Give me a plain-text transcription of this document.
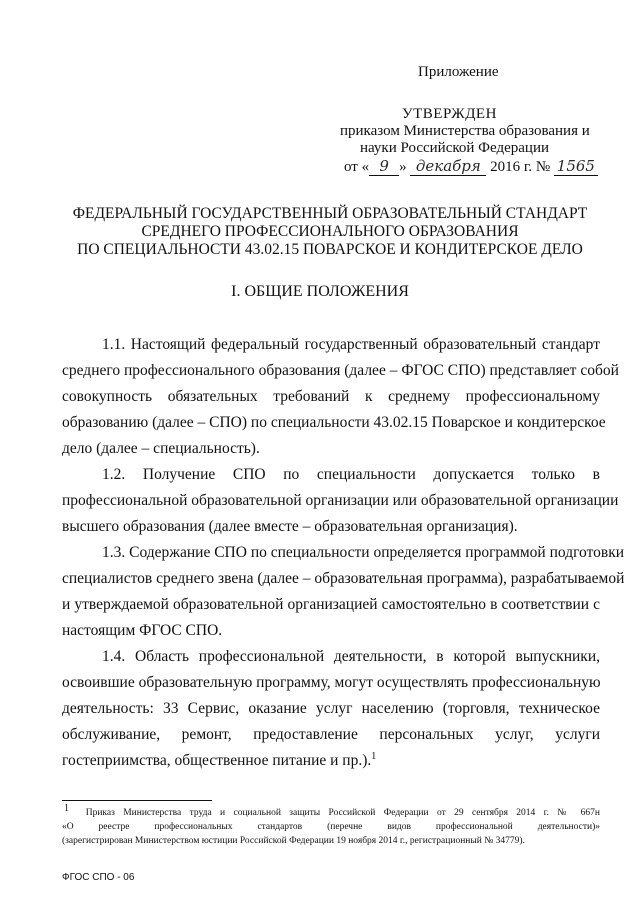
Приложение
УТВЕРЖДЕН
приказом Министерства образования и
науки Российской Федерации
от « 9 » декабря 2016 г. № 1565
ФЕДЕРАЛЬНЫЙ ГОСУДАРСТВЕННЫЙ ОБРАЗОВАТЕЛЬНЫЙ СТАНДАРТ
СРЕДНЕГО ПРОФЕССИОНАЛЬНОГО ОБРАЗОВАНИЯ
ПО СПЕЦИАЛЬНОСТИ 43.02.15 ПОВАРСКОЕ И КОНДИТЕРСКОЕ ДЕЛО
I. ОБЩИЕ ПОЛОЖЕНИЯ
1.1. Настоящий федеральный государственный образовательный стандарт
среднего профессионального образования (далее – ФГОС СПО) представляет собой
совокупность обязательных требований к среднему профессиональному
образованию (далее – СПО) по специальности 43.02.15 Поварское и кондитерское
дело (далее – специальность).
1.2. Получение СПО по специальности допускается только в
профессиональной образовательной организации или образовательной организации
высшего образования (далее вместе – образовательная организация).
1.3. Содержание СПО по специальности определяется программой подготовки
специалистов среднего звена (далее – образовательная программа), разрабатываемой
и утверждаемой образовательной организацией самостоятельно в соответствии с
настоящим ФГОС СПО.
1.4. Область профессиональной деятельности, в которой выпускники,
освоившие образовательную программу, могут осуществлять профессиональную
деятельность: 33 Сервис, оказание услуг населению (торговля, техническое
обслуживание, ремонт, предоставление персональных услуг, услуги
гостеприимства, общественное питание и пр.).$^1$
$^1$ Приказ Министерства труда и социальной защиты Российской Федерации от 29 сентября 2014 г. № 667н
«О реестре профессиональных стандартов (перечне видов профессиональной деятельности)»
(зарегистрирован Министерством юстиции Российской Федерации 19 ноября 2014 г., регистрационный № 34779).
ФГОС СПО - 06
